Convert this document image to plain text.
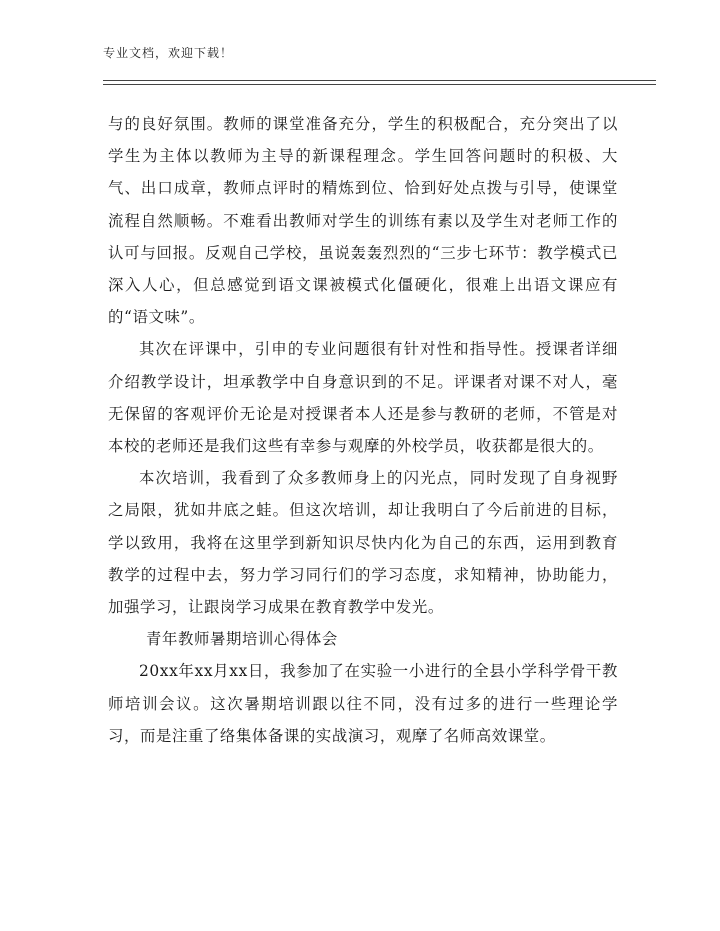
专业文档，欢迎下载！

与的良好氛围。教师的课堂准备充分，学生的积极配合，充分突出了以学生为主体以教师为主导的新课程理念。学生回答问题时的积极、大气、出口成章，教师点评时的精炼到位、恰到好处点拨与引导，使课堂流程自然顺畅。不难看出教师对学生的训练有素以及学生对老师工作的认可与回报。反观自己学校，虽说轰轰烈烈的“三步七环节：教学模式已深入人心，但总感觉到语文课被模式化僵硬化，很难上出语文课应有的“语文味”。

其次在评课中，引申的专业问题很有针对性和指导性。授课者详细介绍教学设计，坦承教学中自身意识到的不足。评课者对课不对人，毫无保留的客观评价无论是对授课者本人还是参与教研的老师，不管是对本校的老师还是我们这些有幸参与观摩的外校学员，收获都是很大的。

本次培训，我看到了众多教师身上的闪光点，同时发现了自身视野之局限，犹如井底之蛙。但这次培训，却让我明白了今后前进的目标，学以致用，我将在这里学到新知识尽快内化为自己的东西，运用到教育教学的过程中去，努力学习同行们的学习态度，求知精神，协助能力，加强学习，让跟岗学习成果在教育教学中发光。

青年教师暑期培训心得体会

20xx年xx月xx日，我参加了在实验一小进行的全县小学科学骨干教师培训会议。这次暑期培训跟以往不同，没有过多的进行一些理论学习，而是注重了络集体备课的实战演习，观摩了名师高效课堂。
